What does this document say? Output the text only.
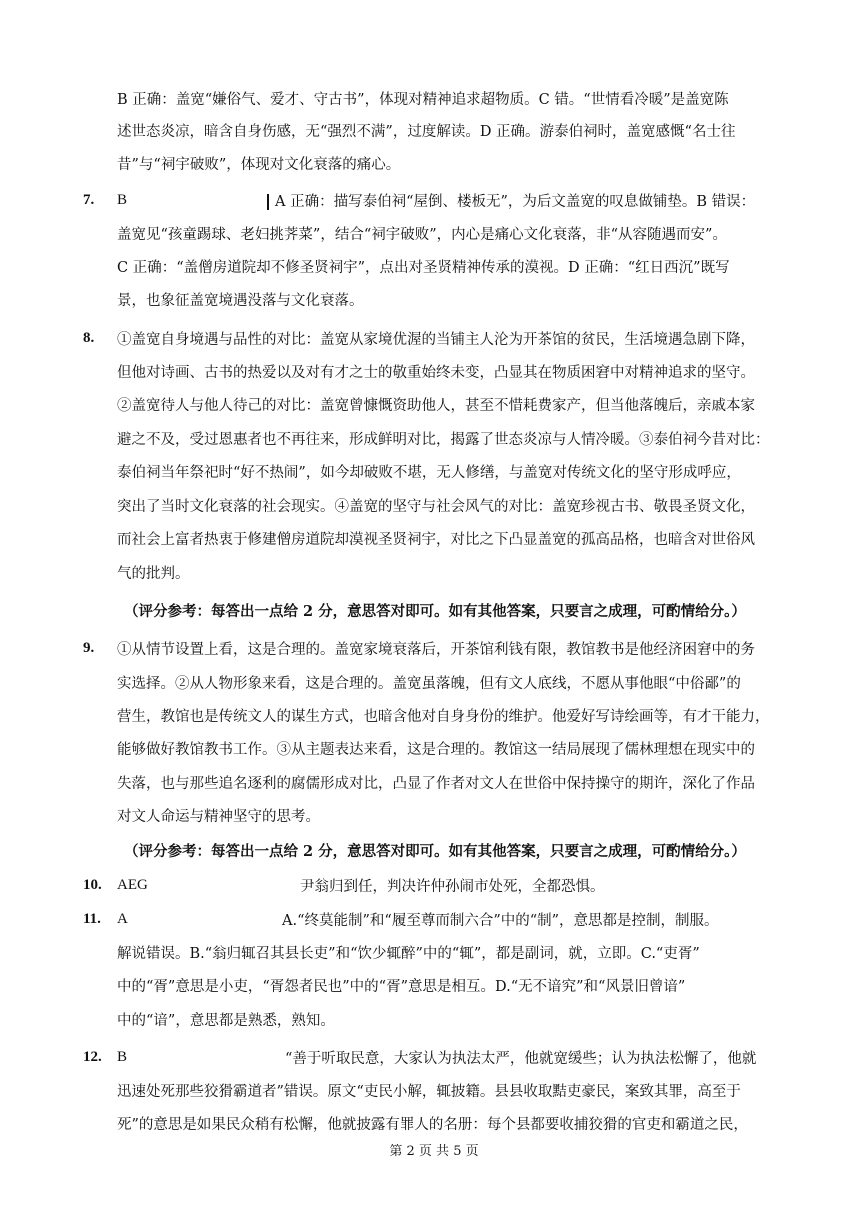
B 正确：盖宽“嫌俗气、爱才、守古书”，体现对精神追求超物质。C 错。“世情看冷暖”是盖宽陈
述世态炎凉，暗含自身伤感，无“强烈不满”，过度解读。D 正确。游泰伯祠时，盖宽感慨“名士往
昔”与“祠宇破败”，体现对文化衰落的痛心。
7. B	A 正确：描写泰伯祠“屋倒、楼板无”，为后文盖宽的叹息做铺垫。B 错误：
盖宽见“孩童踢球、老妇挑荠菜”，结合“祠宇破败”，内心是痛心文化衰落，非“从容随遇而安”。
C 正确：“盖僧房道院却不修圣贤祠宇”，点出对圣贤精神传承的漠视。D 正确：“红日西沉”既写
景，也象征盖宽境遇没落与文化衰落。
8. ①盖宽自身境遇与品性的对比：盖宽从家境优渥的当铺主人沦为开茶馆的贫民，生活境遇急剧下降，
但他对诗画、古书的热爱以及对有才之士的敬重始终未变，凸显其在物质困窘中对精神追求的坚守。
②盖宽待人与他人待己的对比：盖宽曾慷慨资助他人，甚至不惜耗费家产，但当他落魄后，亲戚本家
避之不及，受过恩惠者也不再往来，形成鲜明对比，揭露了世态炎凉与人情冷暖。③泰伯祠今昔对比：
泰伯祠当年祭祀时“好不热闹”，如今却破败不堪，无人修缮，与盖宽对传统文化的坚守形成呼应，
突出了当时文化衰落的社会现实。④盖宽的坚守与社会风气的对比：盖宽珍视古书、敬畏圣贤文化，
而社会上富者热衷于修建僧房道院却漠视圣贤祠宇，对比之下凸显盖宽的孤高品格，也暗含对世俗风
气的批判。
（评分参考：每答出一点给 2 分，意思答对即可。如有其他答案，只要言之成理，可酌情给分。）
9. ①从情节设置上看，这是合理的。盖宽家境衰落后，开茶馆利钱有限，教馆教书是他经济困窘中的务
实选择。②从人物形象来看，这是合理的。盖宽虽落魄，但有文人底线，不愿从事他眼“中俗鄙”的
营生，教馆也是传统文人的谋生方式，也暗含他对自身身份的维护。他爱好写诗绘画等，有才干能力，
能够做好教馆教书工作。③从主题表达来看，这是合理的。教馆这一结局展现了儒林理想在现实中的
失落，也与那些追名逐利的腐儒形成对比，凸显了作者对文人在世俗中保持操守的期许，深化了作品
对文人命运与精神坚守的思考。
（评分参考：每答出一点给 2 分，意思答对即可。如有其他答案，只要言之成理，可酌情给分。）
10. AEG	尹翁归到任，判决许仲孙闹市处死，全都恐惧。
11. A	A.“终莫能制”和“履至尊而制六合”中的“制”，意思都是控制，制服。
解说错误。B.“翁归辄召其县长吏”和“饮少辄醉”中的“辄”，都是副词，就，立即。C.“吏胥”
中的“胥”意思是小吏，“胥怨者民也”中的“胥”意思是相互。D.“无不谙究”和“风景旧曾谙”
中的“谙”，意思都是熟悉，熟知。
12. B	“善于听取民意，大家认为执法太严，他就宽缓些；认为执法松懈了，他就
迅速处死那些狡猾霸道者”错误。原文“吏民小解，辄披籍。县县收取黠吏豪民，案致其罪，高至于
死”的意思是如果民众稍有松懈，他就披露有罪人的名册：每个县都要收捕狡猾的官吏和霸道之民，
第 2 页 共 5 页
